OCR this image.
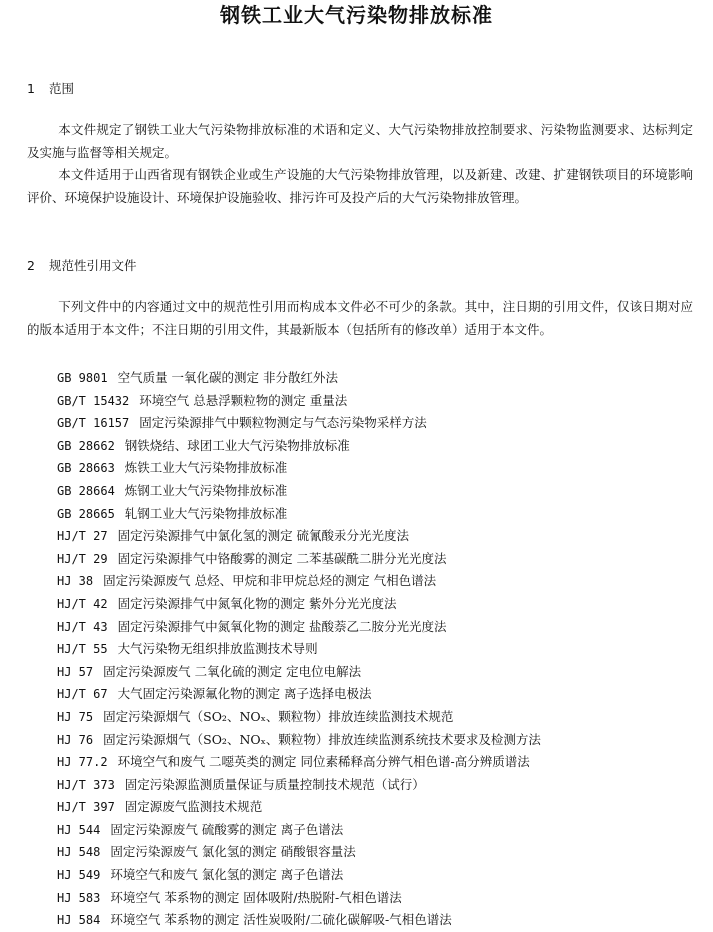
钢铁工业大气污染物排放标准
1 范围

本文件规定了钢铁工业大气污染物排放标准的术语和定义、大气污染物排放控制要求、污染物监测要求、达标判定及实施与监督等相关规定。

本文件适用于山西省现有钢铁企业或生产设施的大气污染物排放管理，以及新建、改建、扩建钢铁项目的环境影响评价、环境保护设施设计、环境保护设施验收、排污许可及投产后的大气污染物排放管理。

2 规范性引用文件

下列文件中的内容通过文中的规范性引用而构成本文件必不可少的条款。其中，注日期的引用文件，仅该日期对应的版本适用于本文件；不注日期的引用文件，其最新版本（包括所有的修改单）适用于本文件。

GB 9801 空气质量 一氧化碳的测定 非分散红外法
GB/T 15432 环境空气 总悬浮颗粒物的测定 重量法
GB/T 16157 固定污染源排气中颗粒物测定与气态污染物采样方法
GB 28662 钢铁烧结、球团工业大气污染物排放标准
GB 28663 炼铁工业大气污染物排放标准
GB 28664 炼钢工业大气污染物排放标准
GB 28665 轧钢工业大气污染物排放标准
HJ/T 27 固定污染源排气中氯化氢的测定 硫氰酸汞分光光度法
HJ/T 29 固定污染源排气中铬酸雾的测定 二苯基碳酰二肼分光光度法
HJ 38 固定污染源废气 总烃、甲烷和非甲烷总烃的测定 气相色谱法
HJ/T 42 固定污染源排气中氮氧化物的测定 紫外分光光度法
HJ/T 43 固定污染源排气中氮氧化物的测定 盐酸萘乙二胺分光光度法
HJ/T 55 大气污染物无组织排放监测技术导则
HJ 57 固定污染源废气 二氧化硫的测定 定电位电解法
HJ/T 67 大气固定污染源氟化物的测定 离子选择电极法
HJ 75 固定污染源烟气（SO₂、NOₓ、颗粒物）排放连续监测技术规范
HJ 76 固定污染源烟气（SO₂、NOₓ、颗粒物）排放连续监测系统技术要求及检测方法
HJ 77.2 环境空气和废气 二噁英类的测定 同位素稀释高分辨气相色谱-高分辨质谱法
HJ/T 373 固定污染源监测质量保证与质量控制技术规范（试行）
HJ/T 397 固定源废气监测技术规范
HJ 544 固定污染源废气 硫酸雾的测定 离子色谱法
HJ 548 固定污染源废气 氯化氢的测定 硝酸银容量法
HJ 549 环境空气和废气 氯化氢的测定 离子色谱法
HJ 583 环境空气 苯系物的测定 固体吸附/热脱附-气相色谱法
HJ 584 环境空气 苯系物的测定 活性炭吸附/二硫化碳解吸-气相色谱法
